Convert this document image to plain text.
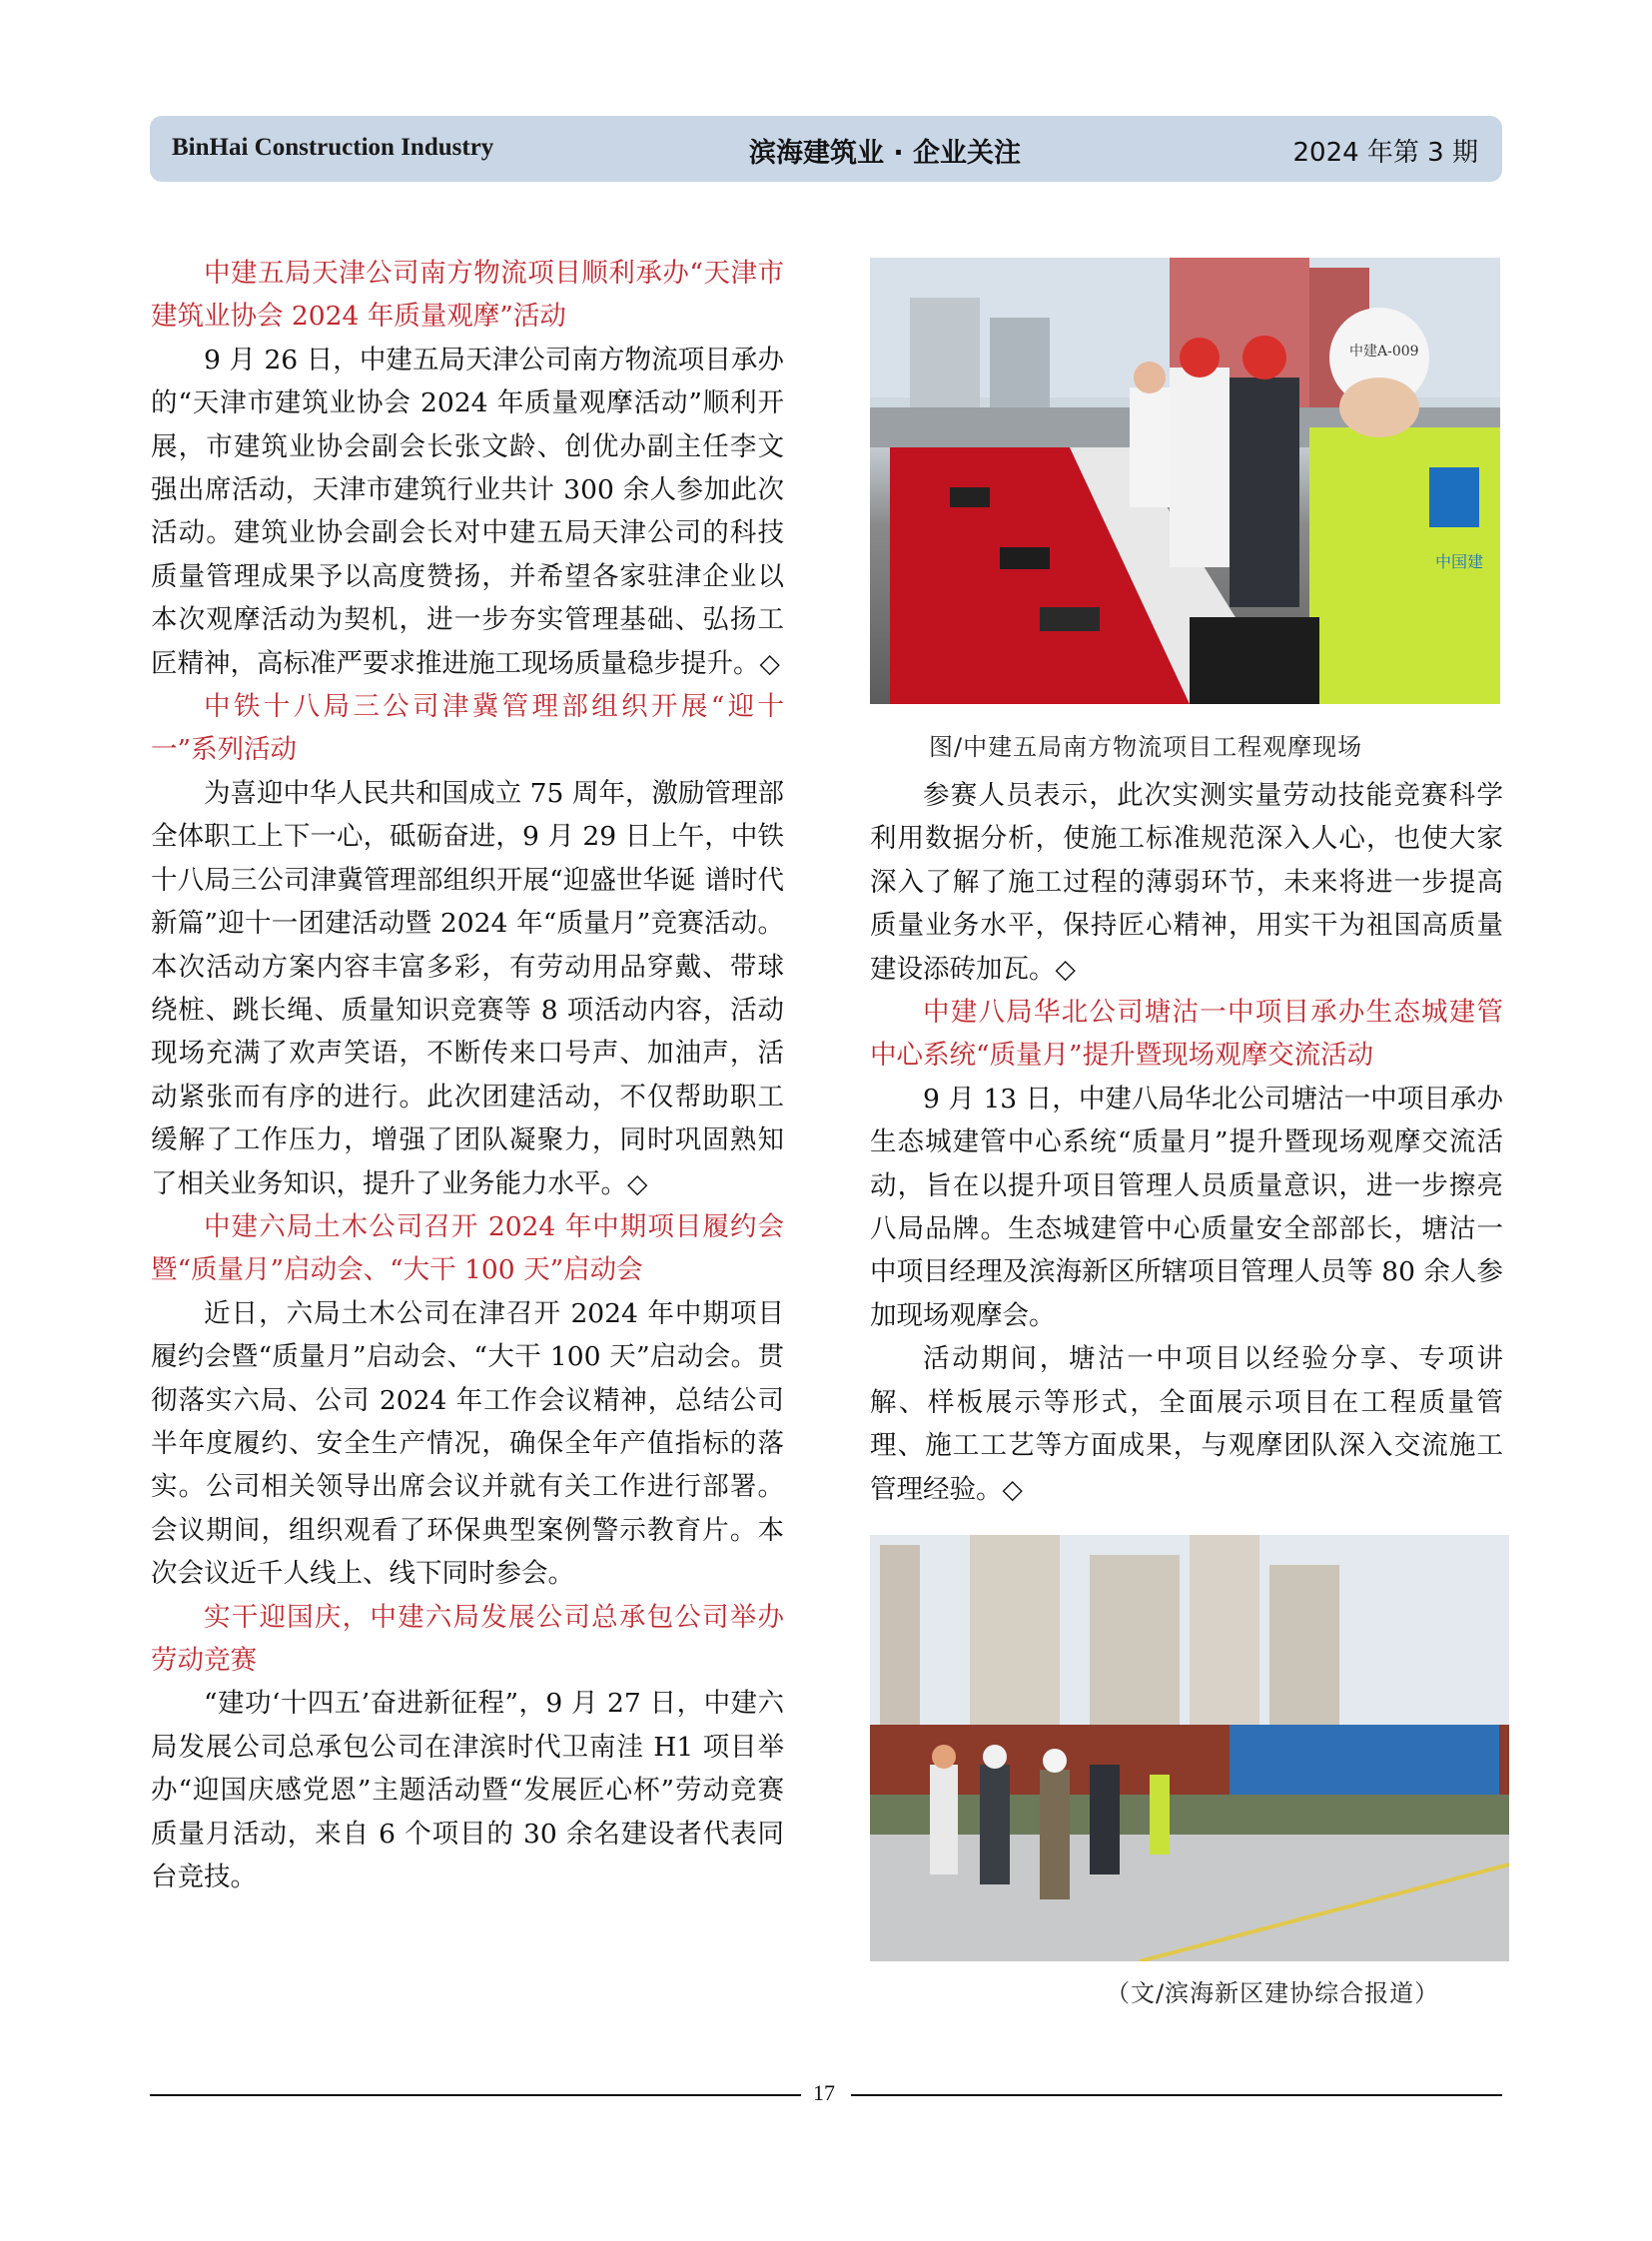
BinHai Construction Industry	滨海建筑业 · 企业关注	2024 年第 3 期

中建五局天津公司南方物流项目顺利承办“天津市建筑业协会 2024 年质量观摩”活动

9 月 26 日，中建五局天津公司南方物流项目承办的“天津市建筑业协会 2024 年质量观摩活动”顺利开展，市建筑业协会副会长张文龄、创优办副主任李文强出席活动，天津市建筑行业共计 300 余人参加此次活动。建筑业协会副会长对中建五局天津公司的科技质量管理成果予以高度赞扬，并希望各家驻津企业以本次观摩活动为契机，进一步夯实管理基础、弘扬工匠精神，高标准严要求推进施工现场质量稳步提升。◇

中铁十八局三公司津冀管理部组织开展“迎十一”系列活动

为喜迎中华人民共和国成立 75 周年，激励管理部全体职工上下一心，砥砺奋进，9 月 29 日上午，中铁十八局三公司津冀管理部组织开展“迎盛世华诞 谱时代新篇”迎十一团建活动暨 2024 年“质量月”竞赛活动。本次活动方案内容丰富多彩，有劳动用品穿戴、带球绕桩、跳长绳、质量知识竞赛等 8 项活动内容，活动现场充满了欢声笑语，不断传来口号声、加油声，活动紧张而有序的进行。此次团建活动，不仅帮助职工缓解了工作压力，增强了团队凝聚力，同时巩固熟知了相关业务知识，提升了业务能力水平。◇

中建六局土木公司召开 2024 年中期项目履约会暨“质量月”启动会、“大干 100 天”启动会

近日，六局土木公司在津召开 2024 年中期项目履约会暨“质量月”启动会、“大干 100 天”启动会。贯彻落实六局、公司 2024 年工作会议精神，总结公司半年度履约、安全生产情况，确保全年产值指标的落实。公司相关领导出席会议并就有关工作进行部署。会议期间，组织观看了环保典型案例警示教育片。本次会议近千人线上、线下同时参会。

实干迎国庆，中建六局发展公司总承包公司举办劳动竞赛

“建功‘十四五’奋进新征程”，9 月 27 日，中建六局发展公司总承包公司在津滨时代卫南洼 H1 项目举办“迎国庆感党恩”主题活动暨“发展匠心杯”劳动竞赛质量月活动，来自 6 个项目的 30 余名建设者代表同台竞技。

中建A-009
中国建
图/中建五局南方物流项目工程观摩现场

参赛人员表示，此次实测实量劳动技能竞赛科学利用数据分析，使施工标准规范深入人心，也使大家深入了解了施工过程的薄弱环节，未来将进一步提高质量业务水平，保持匠心精神，用实干为祖国高质量建设添砖加瓦。◇

中建八局华北公司塘沽一中项目承办生态城建管中心系统“质量月”提升暨现场观摩交流活动

9 月 13 日，中建八局华北公司塘沽一中项目承办生态城建管中心系统“质量月”提升暨现场观摩交流活动，旨在以提升项目管理人员质量意识，进一步擦亮八局品牌。生态城建管中心质量安全部部长，塘沽一中项目经理及滨海新区所辖项目管理人员等 80 余人参加现场观摩会。

活动期间，塘沽一中项目以经验分享、专项讲解、样板展示等形式，全面展示项目在工程质量管理、施工工艺等方面成果，与观摩团队深入交流施工管理经验。◇

（文/滨海新区建协综合报道）
17
